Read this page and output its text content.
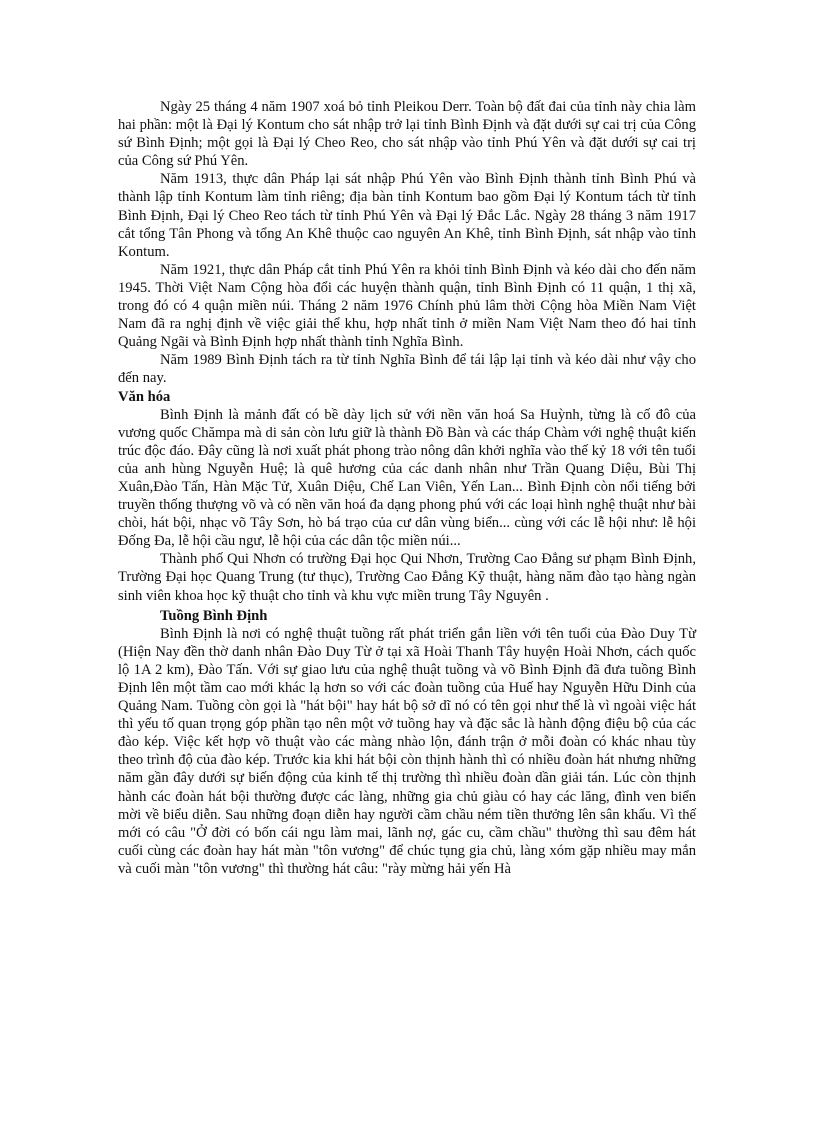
Ngày 25 tháng 4 năm 1907 xoá bỏ tỉnh Pleikou Derr. Toàn bộ đất đai của tỉnh này chia làm hai phần: một là Đại lý Kontum cho sát nhập trở lại tỉnh Bình Định và đặt dưới sự cai trị của Công sứ Bình Định; một gọi là Đại lý Cheo Reo, cho sát nhập vào tỉnh Phú Yên và đặt dưới sự cai trị của Công sứ Phú Yên.

Năm 1913, thực dân Pháp lại sát nhập Phú Yên vào Bình Định thành tỉnh Bình Phú và thành lập tỉnh Kontum làm tỉnh riêng; địa bàn tỉnh Kontum bao gồm Đại lý Kontum tách từ tỉnh Bình Định, Đại lý Cheo Reo tách từ tỉnh Phú Yên và Đại lý Đắc Lắc. Ngày 28 tháng 3 năm 1917 cắt tổng Tân Phong và tổng An Khê thuộc cao nguyên An Khê, tỉnh Bình Định, sát nhập vào tỉnh Kontum.

Năm 1921, thực dân Pháp cắt tỉnh Phú Yên ra khỏi tỉnh Bình Định và kéo dài cho đến năm 1945. Thời Việt Nam Cộng hòa đổi các huyện thành quận, tỉnh Bình Định có 11 quận, 1 thị xã, trong đó có 4 quận miền núi. Tháng 2 năm 1976 Chính phủ lâm thời Cộng hòa Miền Nam Việt Nam đã ra nghị định về việc giải thể khu, hợp nhất tỉnh ở miền Nam Việt Nam theo đó hai tỉnh Quảng Ngãi và Bình Định hợp nhất thành tỉnh Nghĩa Bình.

Năm 1989 Bình Định tách ra từ tỉnh Nghĩa Bình để tái lập lại tỉnh và kéo dài như vậy cho đến nay.

Văn hóa

Bình Định là mảnh đất có bề dày lịch sử với nền văn hoá Sa Huỳnh, từng là cố đô của vương quốc Chămpa mà di sản còn lưu giữ là thành Đồ Bàn và các tháp Chàm với nghệ thuật kiến trúc độc đáo. Đây cũng là nơi xuất phát phong trào nông dân khởi nghĩa vào thế kỷ 18 với tên tuổi của anh hùng Nguyễn Huệ; là quê hương của các danh nhân như Trần Quang Diệu, Bùi Thị Xuân,Đào Tấn, Hàn Mặc Tử, Xuân Diệu, Chế Lan Viên, Yến Lan... Bình Định còn nổi tiếng bởi truyền thống thượng võ và có nền văn hoá đa dạng phong phú với các loại hình nghệ thuật như bài chòi, hát bội, nhạc võ Tây Sơn, hò bá trạo của cư dân vùng biển... cùng với các lễ hội như: lễ hội Đống Đa, lễ hội cầu ngư, lễ hội của các dân tộc miền núi...

Thành phố Qui Nhơn có trường Đại học Qui Nhơn, Trường Cao Đẳng sư phạm Bình Định, Trường Đại học Quang Trung (tư thục), Trường Cao Đẳng Kỹ thuật, hàng năm đào tạo hàng ngàn sinh viên khoa học kỹ thuật cho tỉnh và khu vực miền trung Tây Nguyên .

Tuồng Bình Định

Bình Định là nơi có nghệ thuật tuồng rất phát triển gắn liền với tên tuổi của Đào Duy Từ (Hiện Nay đền thờ danh nhân Đào Duy Từ ở tại xã Hoài Thanh Tây huyện Hoài Nhơn, cách quốc lộ 1A 2 km), Đào Tấn. Với sự giao lưu của nghệ thuật tuồng và võ Bình Định đã đưa tuồng Bình Định lên một tầm cao mới khác lạ hơn so với các đoàn tuồng của Huế hay Nguyễn Hữu Dinh của Quảng Nam. Tuồng còn gọi là "hát bội" hay hát bộ sở dĩ nó có tên gọi như thế là vì ngoài việc hát thì yếu tố quan trọng góp phần tạo nên một vở tuồng hay và đặc sắc là hành động điệu bộ của các đào kép. Việc kết hợp võ thuật vào các màng nhào lộn, đánh trận ở mỗi đoàn có khác nhau tùy theo trình độ của đào kép. Trước kia khi hát bội còn thịnh hành thì có nhiều đoàn hát nhưng những năm gần đây dưới sự biến động của kinh tế thị trường thì nhiều đoàn dần giải tán. Lúc còn thịnh hành các đoàn hát bội thường được các làng, những gia chủ giàu có hay các lăng, đình ven biển mời về biểu diễn. Sau những đoạn diễn hay người cầm chầu ném tiền thưởng lên sân khấu. Vì thế mới có câu "Ở đời có bốn cái ngu làm mai, lãnh nợ, gác cu, cầm chầu" thường thì sau đêm hát cuối cùng các đoàn hay hát màn "tôn vương" để chúc tụng gia chủ, làng xóm gặp nhiều may mắn và cuối màn "tôn vương" thì thường hát câu: "rày mừng hải yến Hà
